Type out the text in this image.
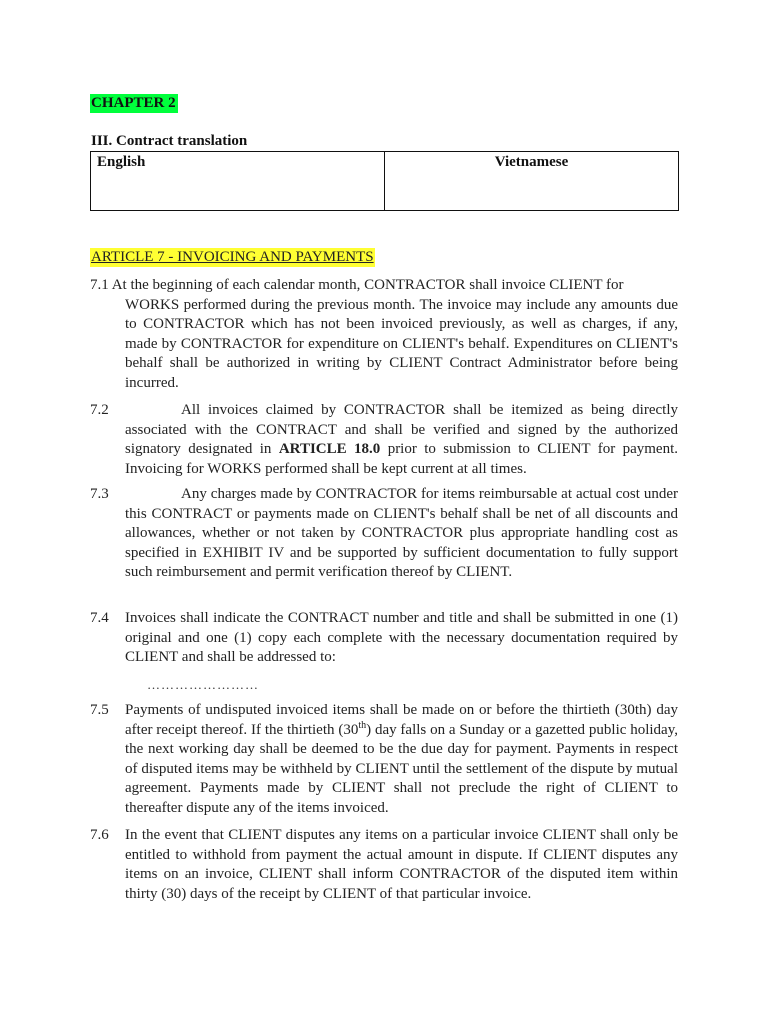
CHAPTER 2
III. Contract translation
English	Vietnamese
ARTICLE 7 - INVOICING AND PAYMENTS
7.1 At the beginning of each calendar month, CONTRACTOR shall invoice CLIENT for
WORKS performed during the previous month. The invoice may include any amounts due to CONTRACTOR which has not been invoiced previously, as well as charges, if any, made by CONTRACTOR for expenditure on CLIENT's behalf. Expenditures on CLIENT's behalf shall be authorized in writing by CLIENT Contract Administrator before being incurred.
7.2	All invoices claimed by CONTRACTOR shall be itemized as being directly associated with the CONTRACT and shall be verified and signed by the authorized signatory designated in ARTICLE 18.0 prior to submission to CLIENT for payment. Invoicing for WORKS performed shall be kept current at all times.
7.3	Any charges made by CONTRACTOR for items reimbursable at actual cost under this CONTRACT or payments made on CLIENT's behalf shall be net of all discounts and allowances, whether or not taken by CONTRACTOR plus appropriate handling cost as specified in EXHIBIT IV and be supported by sufficient documentation to fully support such reimbursement and permit verification thereof by CLIENT.
7.4 Invoices shall indicate the CONTRACT number and title and shall be submitted in one (1) original and one (1) copy each complete with the necessary documentation required by CLIENT and shall be addressed to:
……………………
7.5 Payments of undisputed invoiced items shall be made on or before the thirtieth (30th) day after receipt thereof. If the thirtieth (30th) day falls on a Sunday or a gazetted public holiday, the next working day shall be deemed to be the due day for payment. Payments in respect of disputed items may be withheld by CLIENT until the settlement of the dispute by mutual agreement. Payments made by CLIENT shall not preclude the right of CLIENT to thereafter dispute any of the items invoiced.
7.6 In the event that CLIENT disputes any items on a particular invoice CLIENT shall only be entitled to withhold from payment the actual amount in dispute. If CLIENT disputes any items on an invoice, CLIENT shall inform CONTRACTOR of the disputed item within thirty (30) days of the receipt by CLIENT of that particular invoice.
